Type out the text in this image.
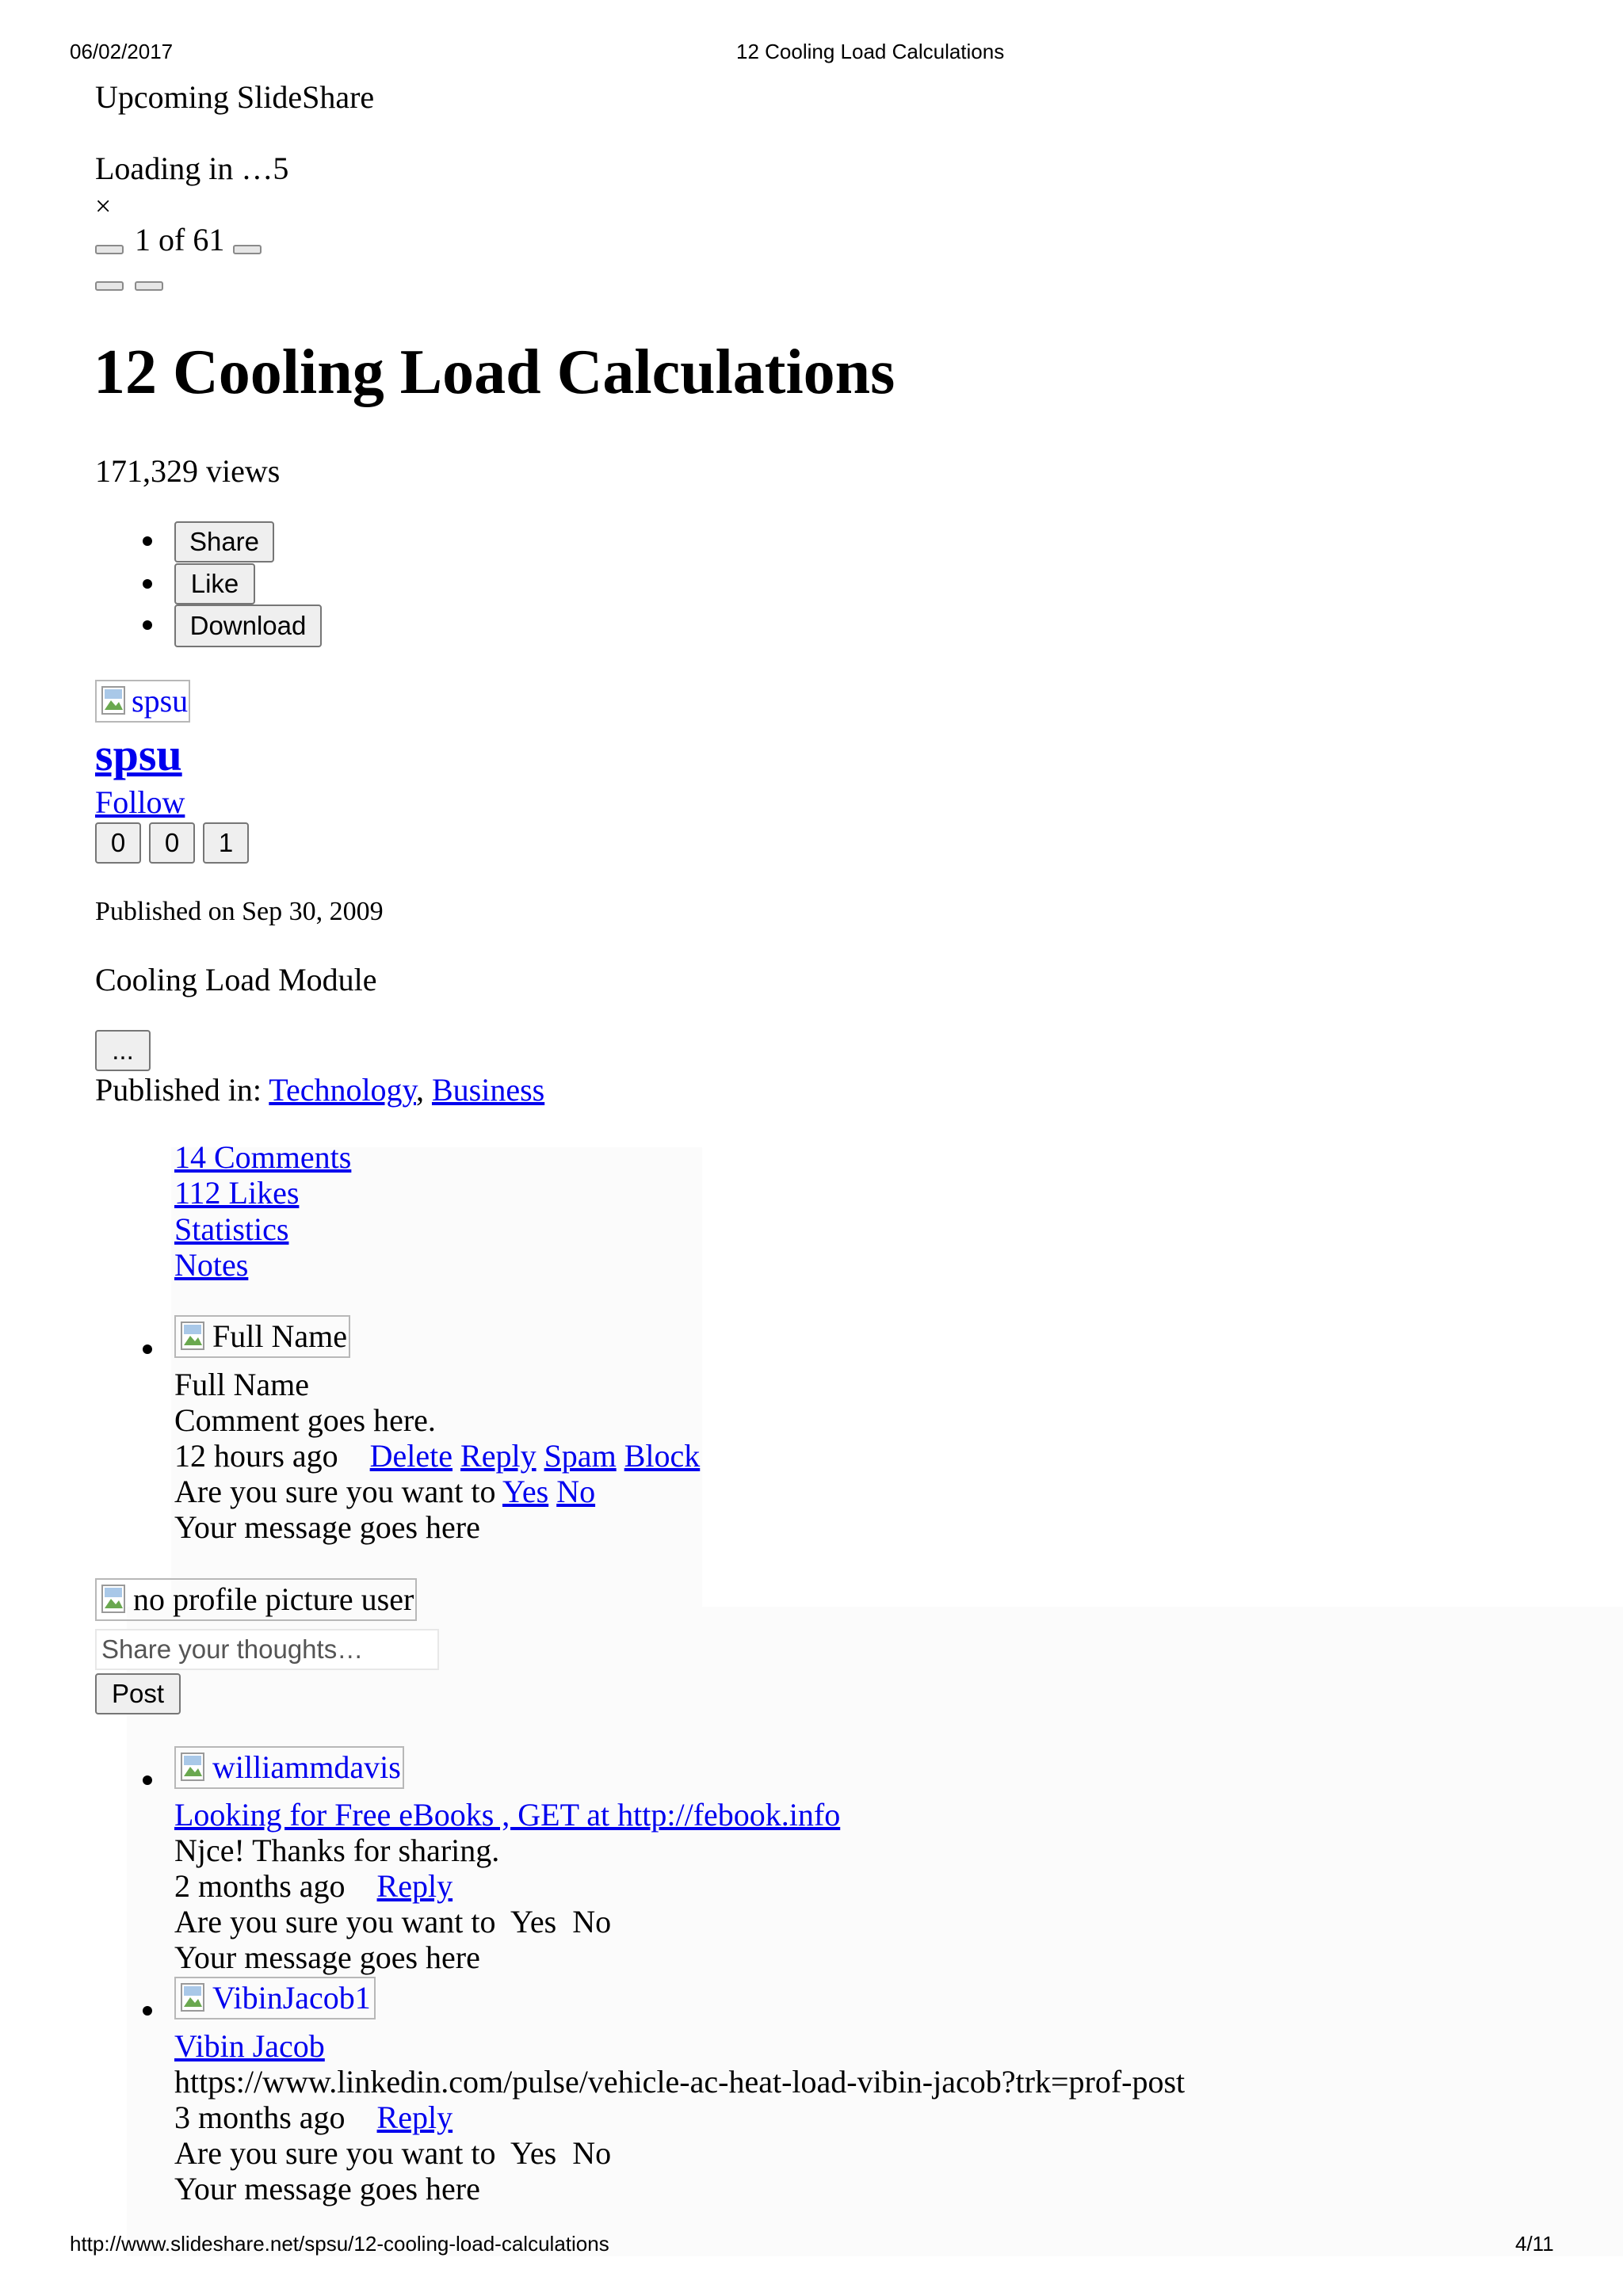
06/02/2017	12 Cooling Load Calculations
Upcoming SlideShare
Loading in …5
×
1 of 61
12 Cooling Load Calculations
171,329 views
Share
Like
Download
spsu
spsu
Follow
0	0	1
Published on Sep 30, 2009
Cooling Load Module
...
Published in: Technology, Business
14 Comments
112 Likes
Statistics
Notes
Full Name
Full Name
Comment goes here.
12 hours ago Delete Reply Spam Block
Are you sure you want to Yes No
Your message goes here
no profile picture user
Share your thoughts…
Post
williammdavis
Looking for Free eBooks , GET at http://febook.info
Njce! Thanks for sharing.
2 months ago Reply
Are you sure you want to Yes No
Your message goes here
VibinJacob1
Vibin Jacob
https://www.linkedin.com/pulse/vehicle-ac-heat-load-vibin-jacob?trk=prof-post
3 months ago Reply
Are you sure you want to Yes No
Your message goes here
http://www.slideshare.net/spsu/12-cooling-load-calculations	4/11
